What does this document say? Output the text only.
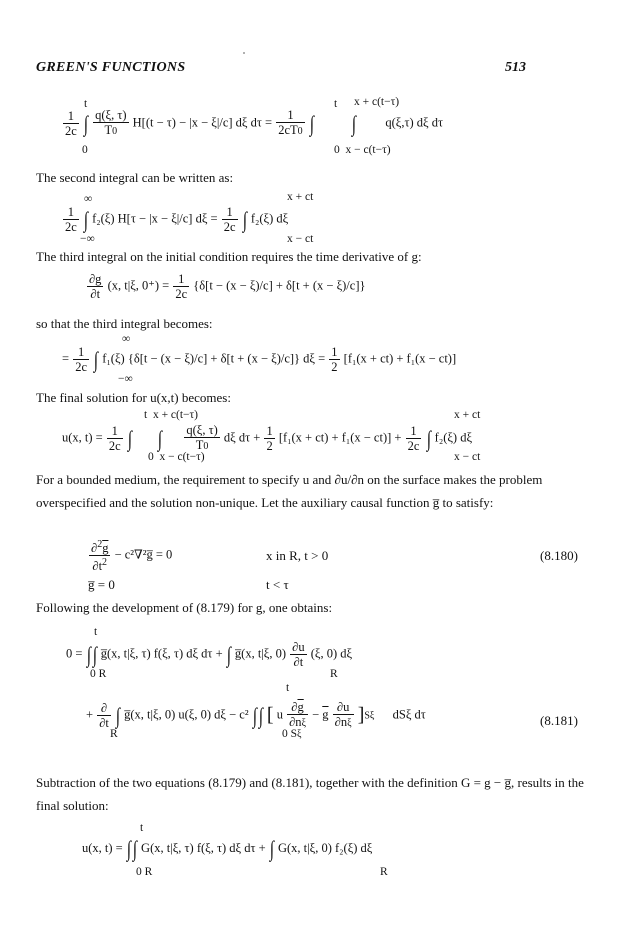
GREEN'S FUNCTIONS	513
t
$\frac{1}{2c}$ ∫ $\frac{q(\xi, \tau)}{T0} H[(t - \tau) - |x - \xi|/c]$ dξ $d\tau = \frac{1}{2cT0}$ ∫
t
x + c(t−τ)
∫ q(ξ,τ) dξ dτ
0	0  x − c(t−τ)
The second integral can be written as:
∞
$\frac{1}{2c}$ ∫ f₂(ξ) H[τ − |x − ξ|/c] $d\xi = \frac{1}{2c}$

x + ct
∫ f₂(ξ) dξ
−∞	x − ct
The third integral on the initial condition requires the time derivative of g:
$\frac{\partial g}{\partial t} (x$, t|ξ, $0^+) = \frac{1}{2c} \{\delta[t - (x - \xi)/c] + \delta[t + (x - \xi)/c]\}$
so that the third integral becomes:
∞
= $\frac{1}{2c}$ ∫ f₁(ξ) {δ[t − (x − ξ)/c] + δ[t + (x − ξ)/c]} $d\xi = \frac{1}{2} [f_1(x + ct) + f_1(x - ct)]$
−∞
The final solution for u(x,t) becomes:
t  x + c(t−τ)
u(x, $t) = \frac{1}{2c}$ ∫ ∫ $\frac{q(\xi, \tau)}{T0}$ dξ $d\tau + \frac{1}{2} [f_1(x + ct) + f_1(x - ct)] + \frac{1}{2c}$

x + ct
∫ f₂(ξ) dξ
0  x − c(t−τ)	x − ct
For a bounded medium, the requirement to specify u and ∂u/∂n on the surface makes the problem overspecified and the solution non-unique. Let the auxiliary causal function g̅ to satisfy:
$\frac{\partial^2\overline{g}}{\partial t^2}$ − c²∇²g̅ = 0	x in R, t > 0	(8.180)
g̅ = 0	t < τ
Following the development of (8.179) for g, one obtains:
t
0 = ∫∫ g̅(x, t|ξ, τ) f(ξ, τ) dξ dτ + ∫ g̅(x, t|ξ, $0) \frac{\partial u}{\partial t} (\xi$, 0) dξ
0 R	R
t
+ $\frac{\partial}{\partial t}$ ∫ g̅(x, t|ξ, 0) u(ξ, 0) dξ − c² ∫∫ [ u $\frac{\partial\overline{g}}{\partial n\xi} - \overline{g} \frac{\partial u}{\partial n\xi} ]S\xi$ dSξ dτ
R	0 Sξ
(8.181)
Subtraction of the two equations (8.179) and (8.181), together with the definition G = g − g̅, results in the final solution:
t
u(x, t) = ∫∫ G(x, t|ξ, τ) f(ξ, τ) dξ dτ + ∫ G(x, t|ξ, 0) f₂(ξ) dξ
0 R	R
